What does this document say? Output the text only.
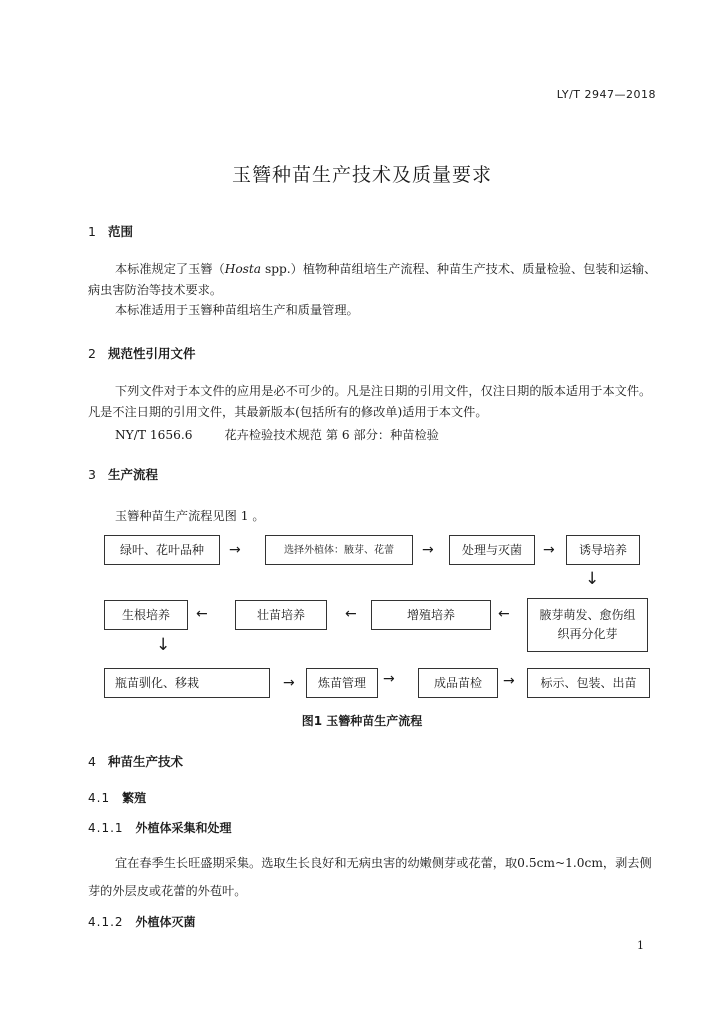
LY/T 2947—2018
玉簪种苗生产技术及质量要求
1 范围
本标准规定了玉簪（Hosta spp.）植物种苗组培生产流程、种苗生产技术、质量检验、包装和运输、病虫害防治等技术要求。
本标准适用于玉簪种苗组培生产和质量管理。
2 规范性引用文件
下列文件对于本文件的应用是必不可少的。凡是注日期的引用文件，仅注日期的版本适用于本文件。凡是不注日期的引用文件，其最新版本(包括所有的修改单)适用于本文件。
NY/T 1656.6	花卉检验技术规范 第 6 部分：种苗检验
3 生产流程
玉簪种苗生产流程见图 1 。
绿叶、花叶品种	→	选择外植体：腋芽、花蕾	→	处理与灭菌	→	诱导培养
↓
腋芽萌发、愈伤组织再分化芽
←
增殖培养
←
壮苗培养
←
生根培养
↓
瓶苗驯化、移栽	→	炼苗管理	→	成品苗检	→	标示、包装、出苗
图1 玉簪种苗生产流程
4 种苗生产技术
4.1 繁殖
4.1.1 外植体采集和处理
宜在春季生长旺盛期采集。选取生长良好和无病虫害的幼嫩侧芽或花蕾，取0.5cm~1.0cm，剥去侧芽的外层皮或花蕾的外苞叶。
4.1.2 外植体灭菌
1
